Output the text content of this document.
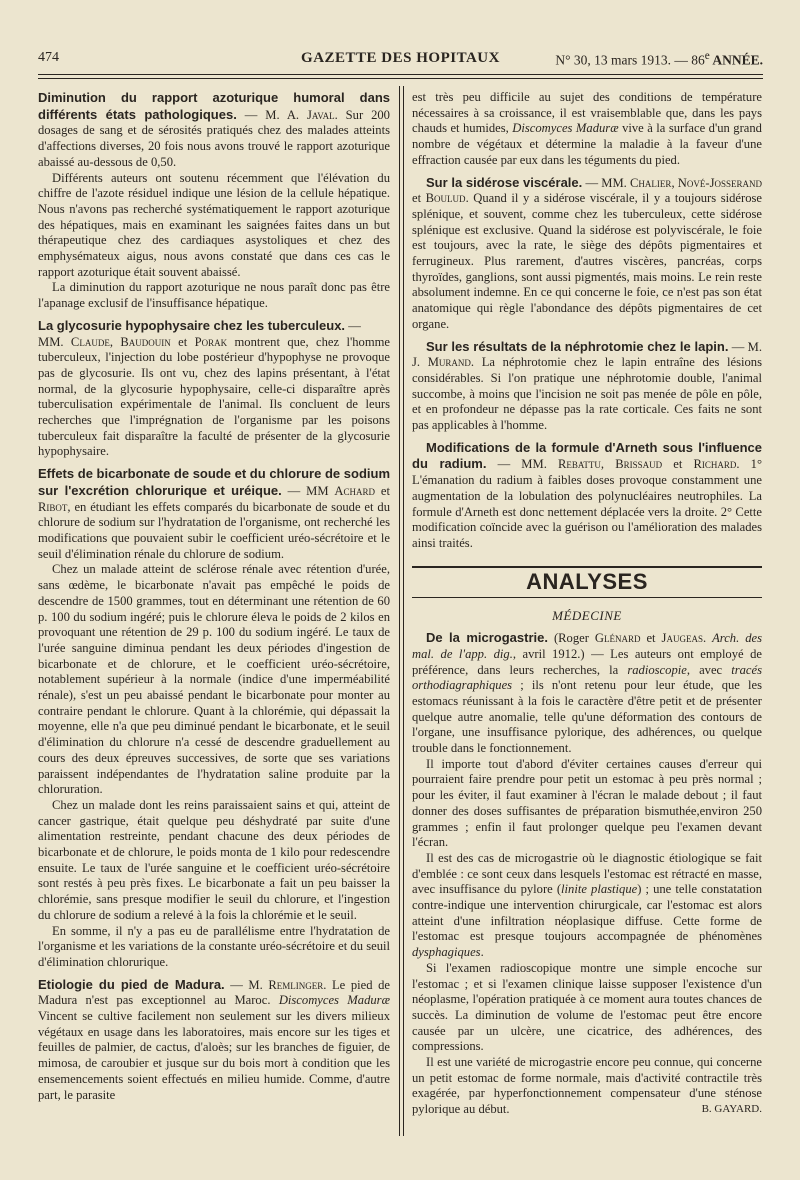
474	GAZETTE DES HOPITAUX	N° 30, 13 mars 1913. — 86e ANNÉE.

Diminution du rapport azoturique humoral dans différents états pathologiques. — M. A. Javal. Sur 200 dosages de sang et de sérosités pratiqués chez des malades atteints d'affections diverses, 20 fois nous avons trouvé le rapport azoturique abaissé au-dessous de 0,50.

Différents auteurs ont soutenu récemment que l'élévation du chiffre de l'azote résiduel indique une lésion de la cellule hépatique. Nous n'avons pas recherché systématiquement le rapport azoturique des hépatiques, mais en examinant les saignées faites dans un but thérapeutique chez des cardiaques asystoliques et chez des emphysémateux aigus, nous avons constaté que dans ces cas le rapport azoturique était souvent abaissé.

La diminution du rapport azoturique ne nous paraît donc pas être l'apanage exclusif de l'insuffisance hépatique.

La glycosurie hypophysaire chez les tuberculeux. —

MM. Claude, Baudouin et Porak montrent que, chez l'homme tuberculeux, l'injection du lobe postérieur d'hypophyse ne provoque pas de glycosurie. Ils ont vu, chez des lapins présentant, à l'état normal, de la glycosurie hypophysaire, celle-ci disparaître après tuberculisation expérimentale de l'animal. Ils concluent de leurs recherches que l'imprégnation de l'organisme par les poisons tuberculeux fait disparaître la faculté de présenter de la glycosurie hypophysaire.

Effets de bicarbonate de soude et du chlorure de sodium sur l'excrétion chlorurique et uréique. — MM Achard et Ribot, en étudiant les effets comparés du bicarbonate de soude et du chlorure de sodium sur l'hydratation de l'organisme, ont recherché les modifications que pouvaient subir le coefficient uréo-sécrétoire et le seuil d'élimination rénale du chlorure de sodium.

Chez un malade atteint de sclérose rénale avec rétention d'urée, sans œdème, le bicarbonate n'avait pas empêché le poids de descendre de 1500 grammes, tout en déterminant une rétention de 60 p. 100 du sodium ingéré; puis le chlorure éleva le poids de 2 kilos en provoquant une rétention de 29 p. 100 du sodium ingéré. Le taux de l'urée sanguine diminua pendant les deux périodes d'ingestion de bicarbonate et de chlorure, et le coefficient uréo-sécrétoire, notablement supérieur à la normale (indice d'une imperméabilité rénale), s'est un peu abaissé pendant le bicarbonate pour monter au contraire pendant le chlorure. Quant à la chlorémie, qui dépassait la moyenne, elle n'a que peu diminué pendant le bicarbonate, et le seuil d'élimination du chlorure n'a cessé de descendre graduellement au cours des deux épreuves successives, de sorte que ses variations paraissent indépendantes de l'hydratation saline produite par la chloruration.

Chez un malade dont les reins paraissaient sains et qui, atteint de cancer gastrique, était quelque peu déshydraté par suite d'une alimentation restreinte, pendant chacune des deux périodes de bicarbonate et de chlorure, le poids monta de 1 kilo pour redescendre ensuite. Le taux de l'urée sanguine et le coefficient uréo-sécrétoire sont restés à peu près fixes. Le bicarbonate a fait un peu baisser la chlorémie, sans presque modifier le seuil du chlorure, et l'ingestion du chlorure de sodium a relevé à la fois la chlorémie et le seuil.

En somme, il n'y a pas eu de parallélisme entre l'hydratation de l'organisme et les variations de la constante uréo-sécrétoire et du seuil d'élimination chlorurique.

Etiologie du pied de Madura. — M. Remlinger. Le pied de Madura n'est pas exceptionnel au Maroc. Discomyces Maduræ Vincent se cultive facilement non seulement sur les divers milieux végétaux en usage dans les laboratoires, mais encore sur les tiges et feuilles de palmier, de cactus, d'aloès; sur les branches de figuier, de mimosa, de caroubier et jusque sur du bois mort à condition que les ensemencements soient effectués en milieu humide. Comme, d'autre part, le parasite

est très peu difficile au sujet des conditions de température nécessaires à sa croissance, il est vraisemblable que, dans les pays chauds et humides, Discomyces Maduræ vive à la surface d'un grand nombre de végétaux et détermine la maladie à la faveur d'une effraction causée par eux dans les téguments du pied.

Sur la sidérose viscérale. — MM. Chalier, Nové-Josserand et Boulud. Quand il y a sidérose viscérale, il y a toujours sidérose splénique, et souvent, comme chez les tuberculeux, cette sidérose splénique est exclusive. Quand la sidérose est polyviscérale, le foie est toujours, avec la rate, le siège des dépôts pigmentaires et ferrugineux. Plus rarement, d'autres viscères, pancréas, corps thyroïdes, ganglions, sont aussi pigmentés, mais moins. Le rein reste absolument indemne. En ce qui concerne le foie, ce n'est pas son état anatomique qui règle l'abondance des dépôts pigmentaires de cet organe.

Sur les résultats de la néphrotomie chez le lapin. — M. J. Murand. La néphrotomie chez le lapin entraîne des lésions considérables. Si l'on pratique une néphrotomie double, l'animal succombe, à moins que l'incision ne soit pas menée de pôle en pôle, et en profondeur ne dépasse pas la rate corticale. Ces faits ne sont pas applicables à l'homme.

Modifications de la formule d'Arneth sous l'influence du radium. — MM. Rebattu, Brissaud et Richard. 1° L'émanation du radium à faibles doses provoque constamment une augmentation de la lobulation des polynucléaires neutrophiles. La formule d'Arneth est donc nettement déplacée vers la droite. 2° Cette modification coïncide avec la guérison ou l'amélioration des malades ainsi traités.

ANALYSES
MÉDECINE

De la microgastrie. (Roger Glénard et Jaugeas. Arch. des mal. de l'app. dig., avril 1912.) — Les auteurs ont employé de préférence, dans leurs recherches, la radioscopie, avec tracés orthodiagraphiques ; ils n'ont retenu pour leur étude, que les estomacs réunissant à la fois le caractère d'être petit et de présenter quelque autre anomalie, telle qu'une déformation des contours de l'organe, une insuffisance pylorique, des adhérences, ou quelque trouble dans le fonctionnement.

Il importe tout d'abord d'éviter certaines causes d'erreur qui pourraient faire prendre pour petit un estomac à peu près normal ; pour les éviter, il faut examiner à l'écran le malade debout ; il faut donner des doses suffisantes de préparation bismuthée,environ 250 grammes ; enfin il faut prolonger quelque peu l'examen devant l'écran.

Il est des cas de microgastrie où le diagnostic étiologique se fait d'emblée : ce sont ceux dans lesquels l'estomac est rétracté en masse, avec insuffisance du pylore (linite plastique) ; une telle constatation contre-indique une intervention chirurgicale, car l'estomac est alors atteint d'une infiltration néoplasique diffuse. Cette forme de l'estomac est presque toujours accompagnée de phénomènes dysphagiques.

Si l'examen radioscopique montre une simple encoche sur l'estomac ; et si l'examen clinique laisse supposer l'existence d'un néoplasme, l'opération pratiquée à ce moment aura toutes chances de succès. La diminution de volume de l'estomac peut être encore causée par un ulcère, une cicatrice, des adhérences, des compressions.

Il est une variété de microgastrie encore peu connue, qui concerne un petit estomac de forme normale, mais d'activité contractile très exagérée, par hyperfonctionnement compensateur d'une sténose pylorique au début.	B. GAYARD.
